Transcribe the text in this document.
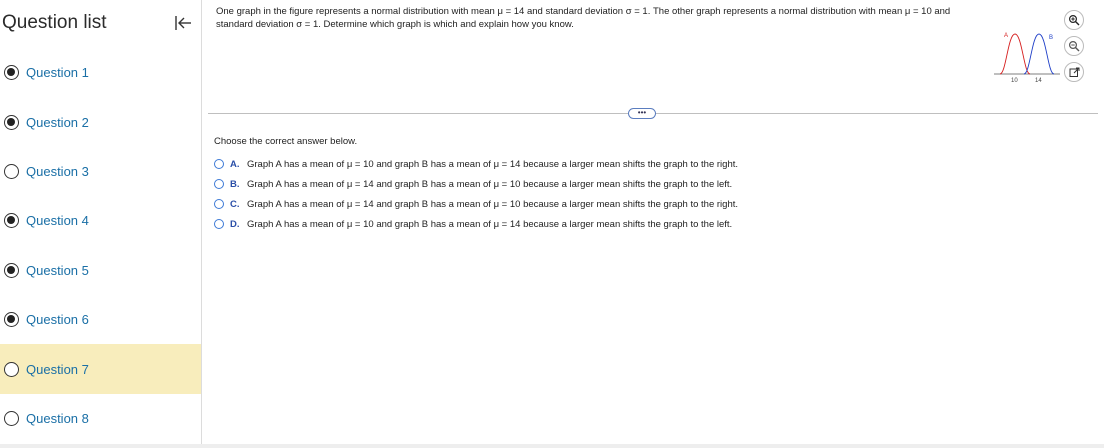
Question list
Question 1
Question 2
Question 3
Question 4
Question 5
Question 6
Question 7
Question 8
One graph in the figure represents a normal distribution with mean μ = 14 and standard deviation σ = 1. The other graph represents a normal distribution with mean μ = 10 and standard deviation σ = 1. Determine which graph is which and explain how you know.
A	B
10	14
•••
Choose the correct answer below.
A. Graph A has a mean of μ = 10 and graph B has a mean of μ = 14 because a larger mean shifts the graph to the right.
B. Graph A has a mean of μ = 14 and graph B has a mean of μ = 10 because a larger mean shifts the graph to the left.
C. Graph A has a mean of μ = 14 and graph B has a mean of μ = 10 because a larger mean shifts the graph to the right.
D. Graph A has a mean of μ = 10 and graph B has a mean of μ = 14 because a larger mean shifts the graph to the left.
